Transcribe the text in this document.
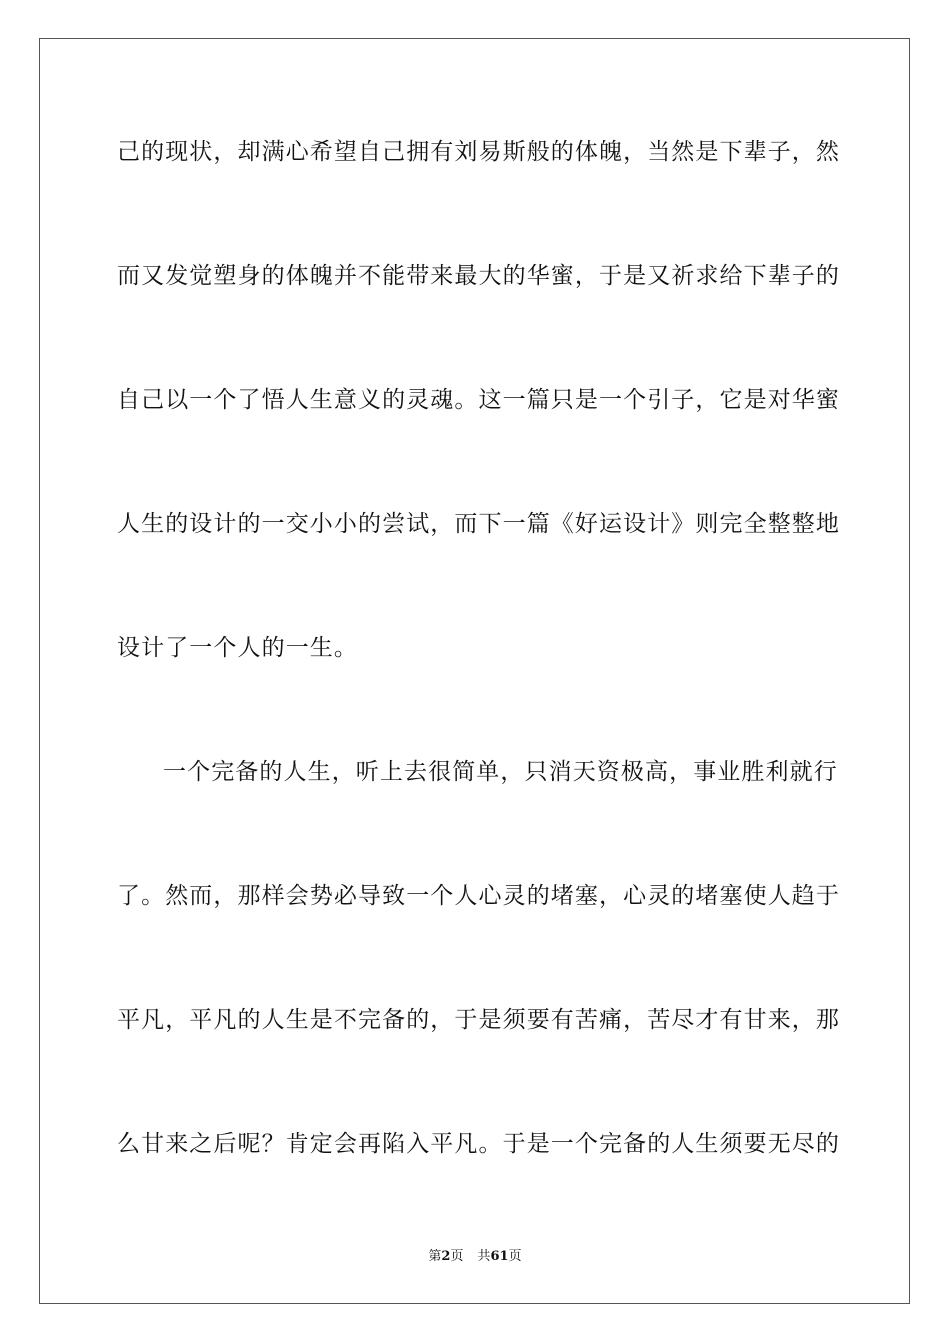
己的现状，却满心希望自己拥有刘易斯般的体魄，当然是下辈子，然
而又发觉塑身的体魄并不能带来最大的华蜜，于是又祈求给下辈子的
自己以一个了悟人生意义的灵魂。这一篇只是一个引子，它是对华蜜
人生的设计的一交小小的尝试，而下一篇《好运设计》则完全整整地
设计了一个人的一生。
一个完备的人生，听上去很简单，只消天资极高，事业胜利就行
了。然而，那样会势必导致一个人心灵的堵塞，心灵的堵塞使人趋于
平凡，平凡的人生是不完备的，于是须要有苦痛，苦尽才有甘来，那
么甘来之后呢？肯定会再陷入平凡。于是一个完备的人生须要无尽的
第2页 共61页
